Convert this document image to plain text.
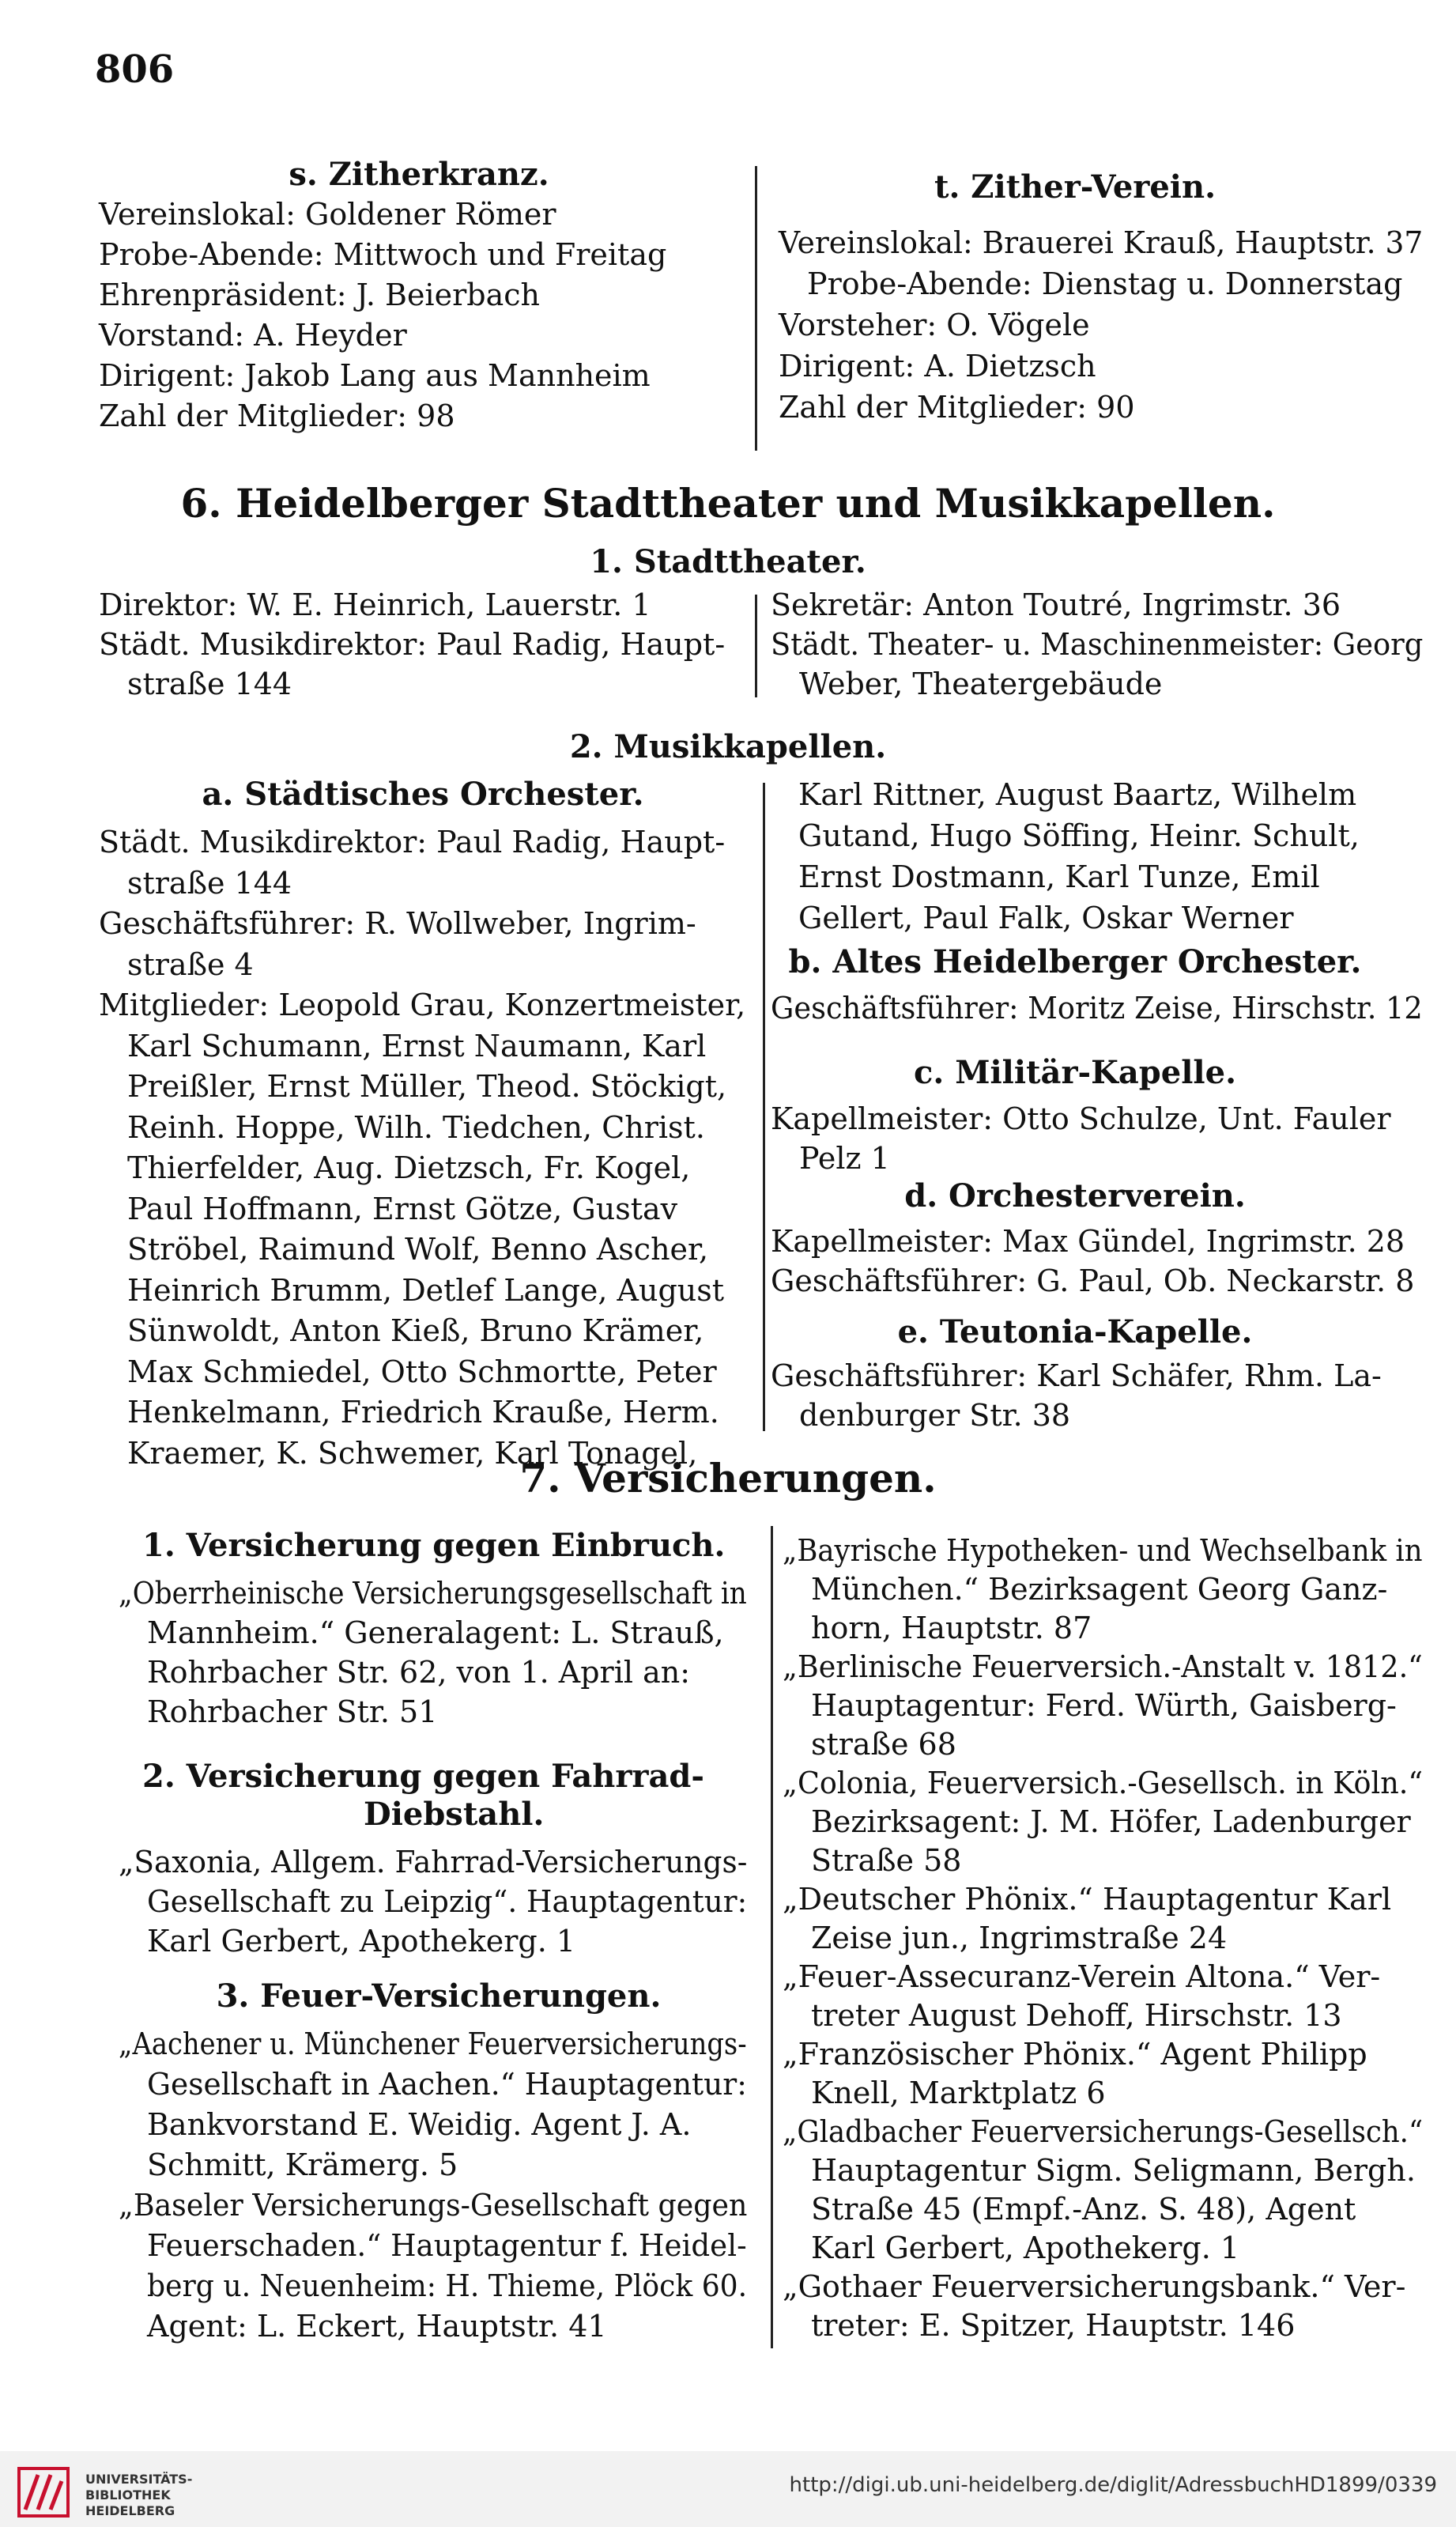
806
s. Zitherkranz.
Vereinslokal: Goldener Römer
Probe-Abende: Mittwoch und Freitag
Ehrenpräsident: J. Beierbach
Vorstand: A. Heyder
Dirigent: Jakob Lang aus Mannheim
Zahl der Mitglieder: 98
t. Zither-Verein.
Vereinslokal: Brauerei Krauß, Hauptstr. 37
Probe-Abende: Dienstag u. Donnerstag
Vorsteher: O. Vögele
Dirigent: A. Dietzsch
Zahl der Mitglieder: 90
6. Heidelberger Stadttheater und Musikkapellen.
1. Stadttheater.
Direktor: W. E. Heinrich, Lauerstr. 1
Städt. Musikdirektor: Paul Radig, Haupt-
straße 144
Sekretär: Anton Toutré, Ingrimstr. 36
Städt. Theater- u. Maschinenmeister: Georg
Weber, Theatergebäude
2. Musikkapellen.
a. Städtisches Orchester.
Städt. Musikdirektor: Paul Radig, Haupt-
straße 144
Geschäftsführer: R. Wollweber, Ingrim-
straße 4
Mitglieder: Leopold Grau, Konzertmeister,
Karl Schumann, Ernst Naumann, Karl
Preißler, Ernst Müller, Theod. Stöckigt,
Reinh. Hoppe, Wilh. Tiedchen, Christ.
Thierfelder, Aug. Dietzsch, Fr. Kogel,
Paul Hoffmann, Ernst Götze, Gustav
Ströbel, Raimund Wolf, Benno Ascher,
Heinrich Brumm, Detlef Lange, August
Sünwoldt, Anton Kieß, Bruno Krämer,
Max Schmiedel, Otto Schmortte, Peter
Henkelmann, Friedrich Krauße, Herm.
Kraemer, K. Schwemer, Karl Tonagel,
Karl Rittner, August Baartz, Wilhelm
Gutand, Hugo Söffing, Heinr. Schult,
Ernst Dostmann, Karl Tunze, Emil
Gellert, Paul Falk, Oskar Werner
b. Altes Heidelberger Orchester.
Geschäftsführer: Moritz Zeise, Hirschstr. 12
c. Militär-Kapelle.
Kapellmeister: Otto Schulze, Unt. Fauler
Pelz 1
d. Orchesterverein.
Kapellmeister: Max Gündel, Ingrimstr. 28
Geschäftsführer: G. Paul, Ob. Neckarstr. 8
e. Teutonia-Kapelle.
Geschäftsführer: Karl Schäfer, Rhm. La-
denburger Str. 38
7. Versicherungen.
1. Versicherung gegen Einbruch.
„Oberrheinische Versicherungsgesellschaft in
Mannheim.“ Generalagent: L. Strauß,
Rohrbacher Str. 62, von 1. April an:
Rohrbacher Str. 51
2. Versicherung gegen Fahrrad-
Diebstahl.
„Saxonia, Allgem. Fahrrad-Versicherungs-
Gesellschaft zu Leipzig“. Hauptagentur:
Karl Gerbert, Apothekerg. 1
3. Feuer-Versicherungen.
„Aachener u. Münchener Feuerversicherungs-
Gesellschaft in Aachen.“ Hauptagentur:
Bankvorstand E. Weidig. Agent J. A.
Schmitt, Krämerg. 5
„Baseler Versicherungs-Gesellschaft gegen
Feuerschaden.“ Hauptagentur f. Heidel-
berg u. Neuenheim: H. Thieme, Plöck 60.
Agent: L. Eckert, Hauptstr. 41
„Bayrische Hypotheken- und Wechselbank in
München.“ Bezirksagent Georg Ganz-
horn, Hauptstr. 87
„Berlinische Feuerversich.-Anstalt v. 1812.“
Hauptagentur: Ferd. Würth, Gaisberg-
straße 68
„Colonia, Feuerversich.-Gesellsch. in Köln.“
Bezirksagent: J. M. Höfer, Ladenburger
Straße 58
„Deutscher Phönix.“ Hauptagentur Karl
Zeise jun., Ingrimstraße 24
„Feuer-Assecuranz-Verein Altona.“ Ver-
treter August Dehoff, Hirschstr. 13
„Französischer Phönix.“ Agent Philipp
Knell, Marktplatz 6
„Gladbacher Feuerversicherungs-Gesellsch.“
Hauptagentur Sigm. Seligmann, Bergh.
Straße 45 (Empf.-Anz. S. 48), Agent
Karl Gerbert, Apothekerg. 1
„Gothaer Feuerversicherungsbank.“ Ver-
treter: E. Spitzer, Hauptstr. 146
UNIVERSITÄTS-
BIBLIOTHEK
HEIDELBERG
http://digi.ub.uni-heidelberg.de/diglit/AdressbuchHD1899/0339
